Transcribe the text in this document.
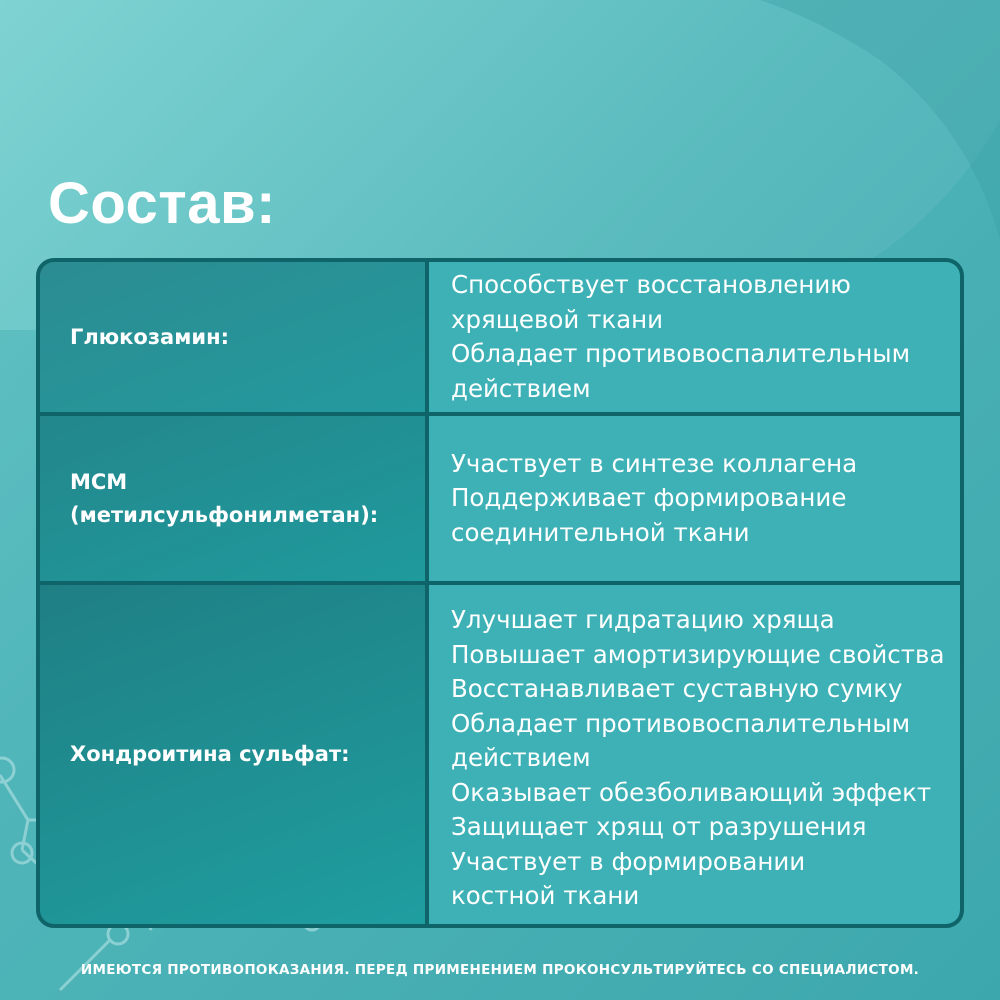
Состав:
Глюкозамин:
Способствует восстановлению
хрящевой ткани
Обладает противовоспалительным
действием
МСМ
(метилсульфонилметан):
Участвует в синтезе коллагена
Поддерживает формирование
соединительной ткани
Хондроитина сульфат:
Улучшает гидратацию хряща
Повышает амортизирующие свойства
Восстанавливает суставную сумку
Обладает противовоспалительным
действием
Оказывает обезболивающий эффект
Защищает хрящ от разрушения
Участвует в формировании
костной ткани
ИМЕЮТСЯ ПРОТИВОПОКАЗАНИЯ. ПЕРЕД ПРИМЕНЕНИЕМ ПРОКОНСУЛЬТИРУЙТЕСЬ СО СПЕЦИАЛИСТОМ.
